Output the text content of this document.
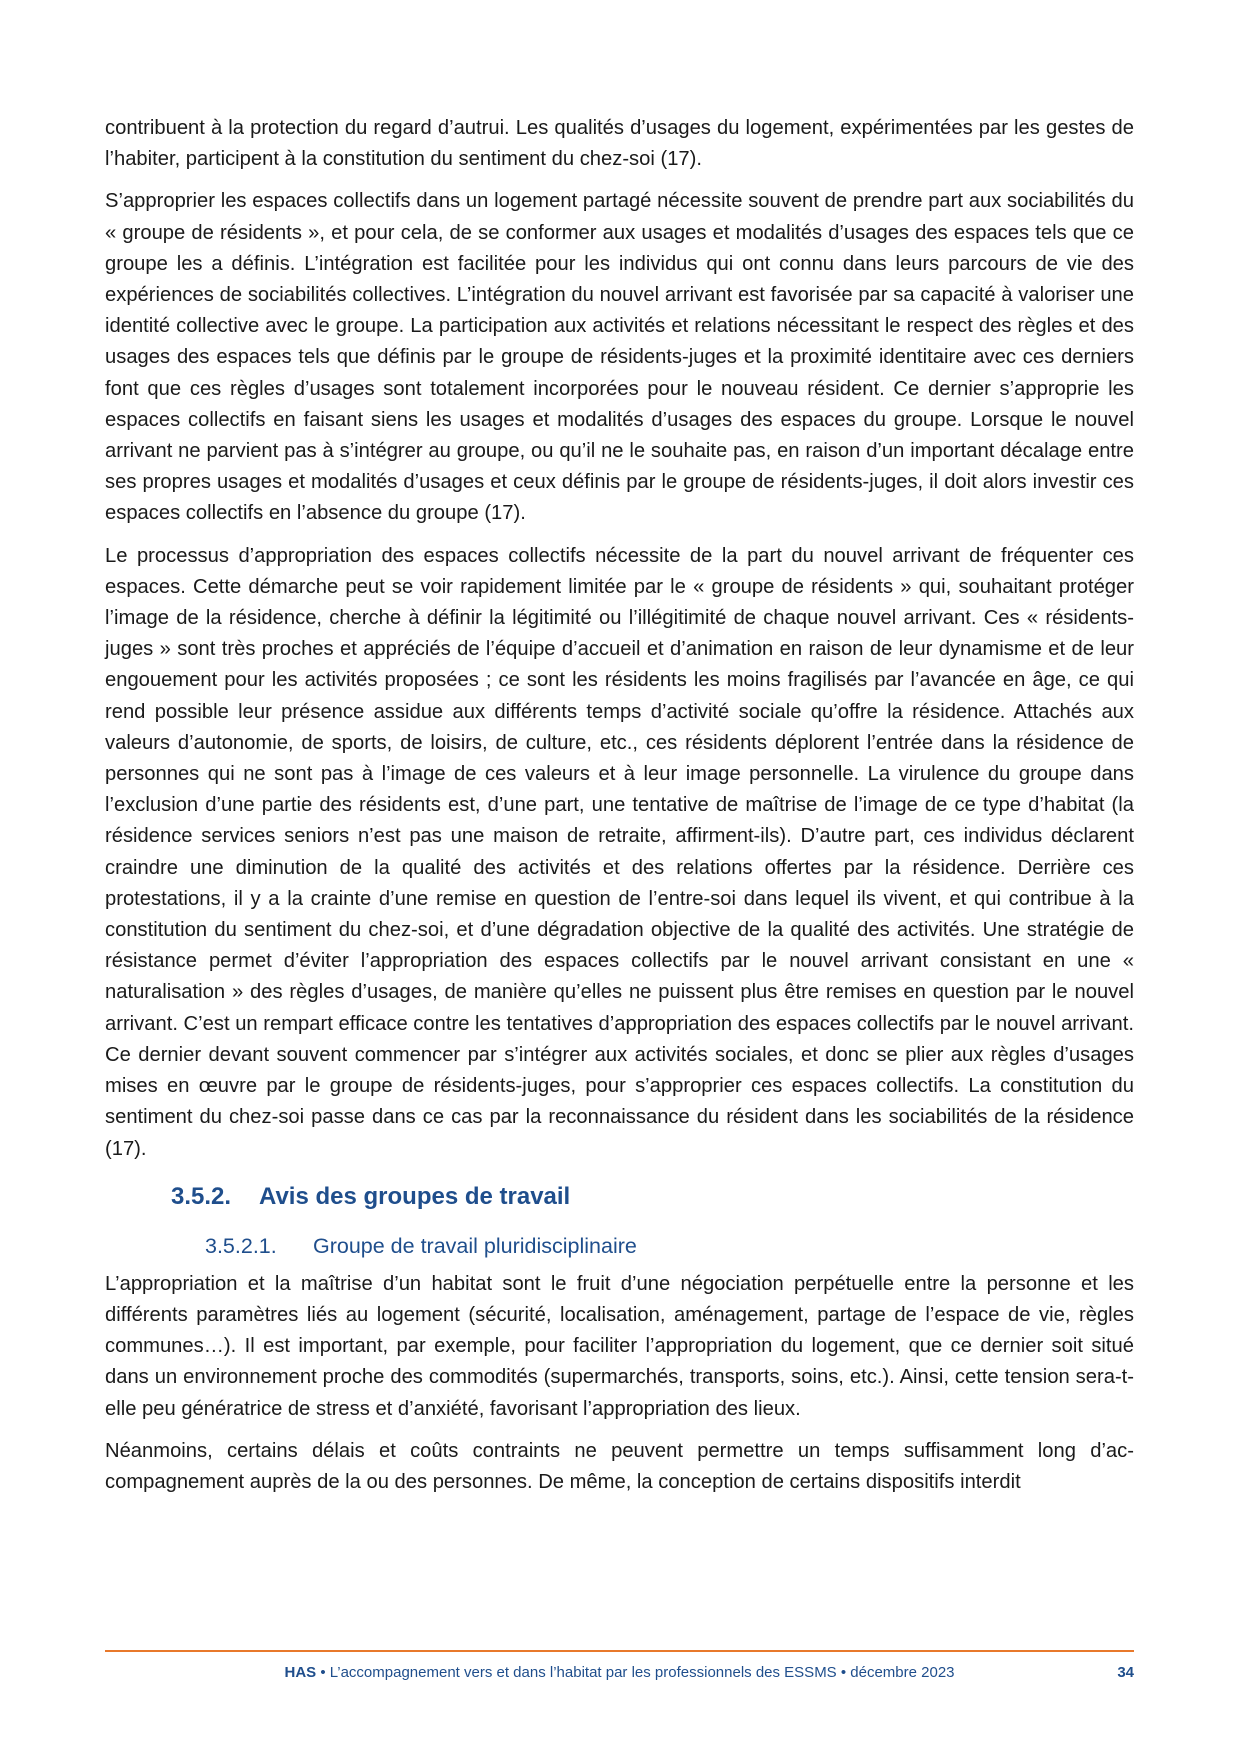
contribuent à la protection du regard d’autrui. Les qualités d’usages du logement, expérimentées par les gestes de l’habiter, participent à la constitution du sentiment du chez-soi (17).

S’approprier les espaces collectifs dans un logement partagé nécessite souvent de prendre part aux sociabilités du « groupe de résidents », et pour cela, de se conformer aux usages et modalités d’usages des espaces tels que ce groupe les a définis. L’intégration est facilitée pour les individus qui ont connu dans leurs parcours de vie des expériences de sociabilités collectives. L’intégration du nouvel arrivant est favorisée par sa capacité à valoriser une identité collective avec le groupe. La participation aux activités et relations nécessitant le respect des règles et des usages des espaces tels que définis par le groupe de résidents-juges et la proximité identitaire avec ces derniers font que ces règles d’usages sont totalement incorporées pour le nouveau résident. Ce dernier s’approprie les espaces collectifs en faisant siens les usages et modalités d’usages des espaces du groupe. Lorsque le nouvel arrivant ne parvient pas à s’intégrer au groupe, ou qu’il ne le souhaite pas, en raison d’un important décalage entre ses propres usages et modalités d’usages et ceux définis par le groupe de résidents-juges, il doit alors investir ces espaces collectifs en l’absence du groupe (17).

Le processus d’appropriation des espaces collectifs nécessite de la part du nouvel arrivant de fréquenter ces espaces. Cette démarche peut se voir rapidement limitée par le « groupe de résidents » qui, souhaitant protéger l’image de la résidence, cherche à définir la légitimité ou l’illégitimité de chaque nouvel arrivant. Ces « résidents-juges » sont très proches et appréciés de l’équipe d’accueil et d’animation en raison de leur dynamisme et de leur engouement pour les activités proposées ; ce sont les résidents les moins fragilisés par l’avancée en âge, ce qui rend possible leur présence assidue aux différents temps d’activité sociale qu’offre la résidence. Attachés aux valeurs d’autonomie, de sports, de loisirs, de culture, etc., ces résidents déplorent l’entrée dans la résidence de personnes qui ne sont pas à l’image de ces valeurs et à leur image personnelle. La virulence du groupe dans l’exclusion d’une partie des résidents est, d’une part, une tentative de maîtrise de l’image de ce type d’habitat (la résidence services seniors n’est pas une maison de retraite, affirment-ils). D’autre part, ces individus déclarent craindre une diminution de la qualité des activités et des relations offertes par la résidence. Derrière ces protestations, il y a la crainte d’une remise en question de l’entre-soi dans lequel ils vivent, et qui contribue à la constitution du sentiment du chez-soi, et d’une dégradation objective de la qualité des activités. Une stratégie de résistance permet d’éviter l’appropriation des espaces collectifs par le nouvel arrivant consistant en une « naturalisation » des règles d’usages, de manière qu’elles ne puissent plus être remises en question par le nouvel arrivant. C’est un rempart efficace contre les tentatives d’appropriation des espaces collectifs par le nouvel arrivant. Ce dernier devant souvent commencer par s’intégrer aux activités sociales, et donc se plier aux règles d’usages mises en œuvre par le groupe de résidents-juges, pour s’approprier ces espaces collectifs. La constitution du sentiment du chez-soi passe dans ce cas par la reconnaissance du résident dans les sociabilités de la résidence (17).

3.5.2. Avis des groupes de travail
3.5.2.1. Groupe de travail pluridisciplinaire

L’appropriation et la maîtrise d’un habitat sont le fruit d’une négociation perpétuelle entre la personne et les différents paramètres liés au logement (sécurité, localisation, aménagement, partage de l’espace de vie, règles communes…). Il est important, par exemple, pour faciliter l’appropriation du logement, que ce dernier soit situé dans un environnement proche des commodités (supermarchés, transports, soins, etc.). Ainsi, cette tension sera-t-elle peu génératrice de stress et d’anxiété, favorisant l’appropriation des lieux.

Néanmoins, certains délais et coûts contraints ne peuvent permettre un temps suffisamment long d’accompagnement auprès de la ou des personnes. De même, la conception de certains dispositifs interdit

HAS • L’accompagnement vers et dans l’habitat par les professionnels des ESSMS • décembre 2023	34
